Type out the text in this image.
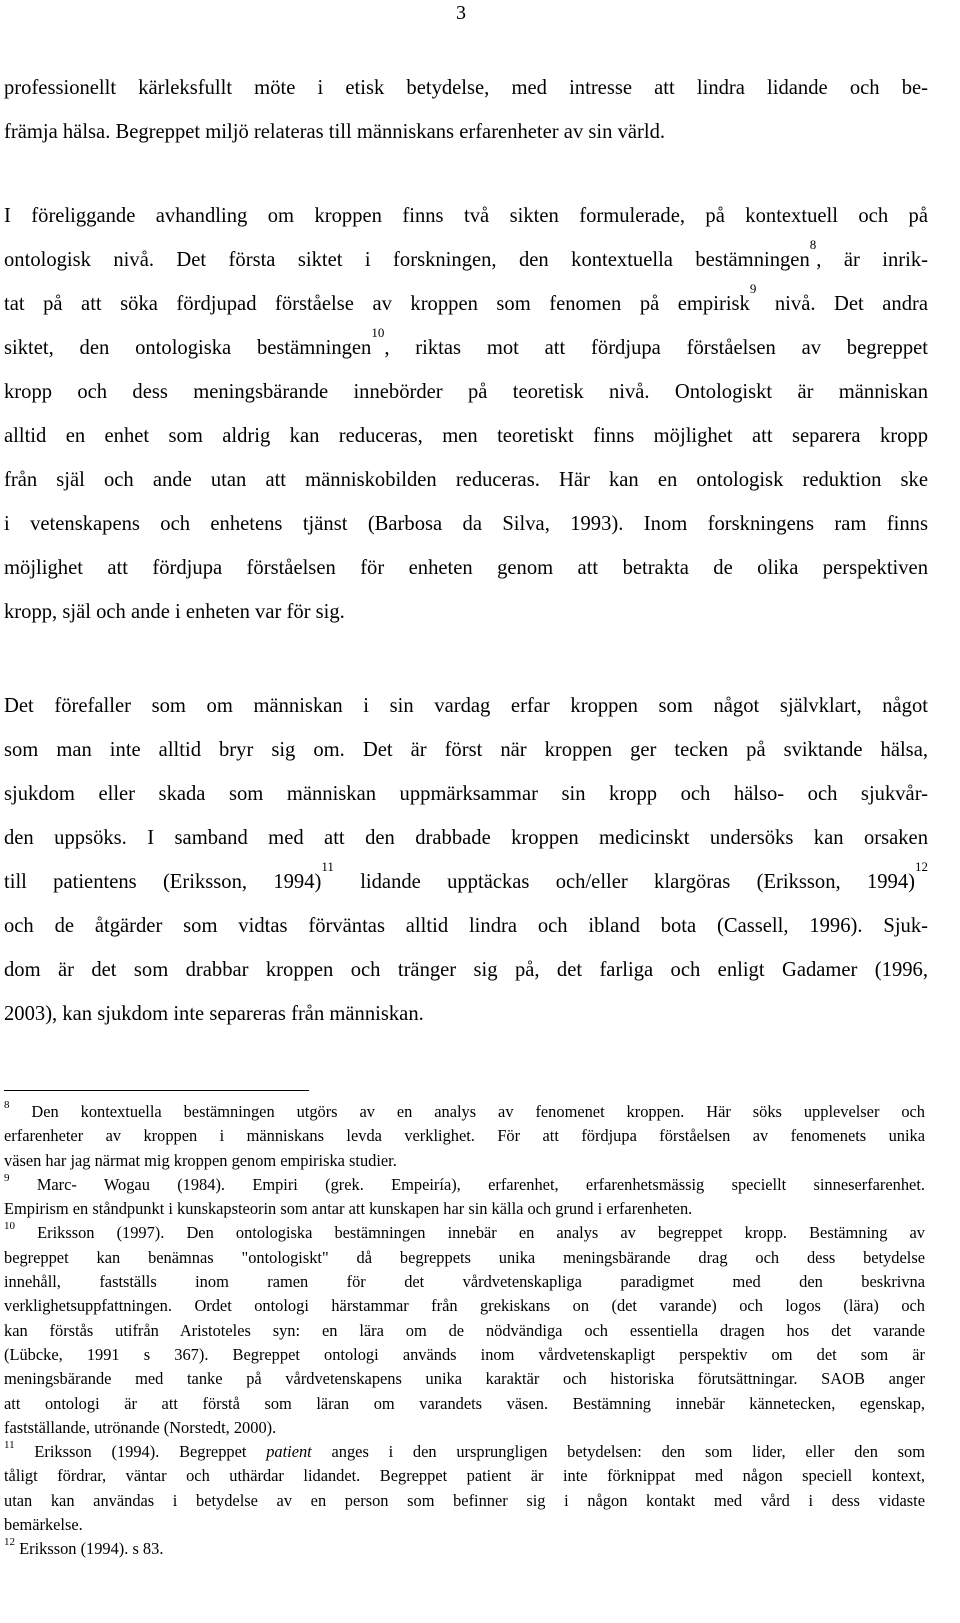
3
professionellt kärleksfullt möte i etisk betydelse, med intresse att lindra lidande och be-
främja hälsa. Begreppet miljö relateras till människans erfarenheter av sin värld.
I föreliggande avhandling om kroppen finns två sikten formulerade, på kontextuell och på
ontologisk nivå. Det första siktet i forskningen, den kontextuella bestämningen$^8$, är inrik-
tat på att söka fördjupad förståelse av kroppen som fenomen på empirisk$^9$ nivå. Det andra
siktet, den ontologiska bestämningen$^{10}$, riktas mot att fördjupa förståelsen av begreppet
kropp och dess meningsbärande innebörder på teoretisk nivå. Ontologiskt är människan
alltid en enhet som aldrig kan reduceras, men teoretiskt finns möjlighet att separera kropp
från själ och ande utan att människobilden reduceras. Här kan en ontologisk reduktion ske
i vetenskapens och enhetens tjänst (Barbosa da Silva, 1993). Inom forskningens ram finns
möjlighet att fördjupa förståelsen för enheten genom att betrakta de olika perspektiven
kropp, själ och ande i enheten var för sig.
Det förefaller som om människan i sin vardag erfar kroppen som något självklart, något
som man inte alltid bryr sig om. Det är först när kroppen ger tecken på sviktande hälsa,
sjukdom eller skada som människan uppmärksammar sin kropp och hälso- och sjukvår-
den uppsöks. I samband med att den drabbade kroppen medicinskt undersöks kan orsaken
till patientens (Eriksson, 1994)$^{11}$ lidande upptäckas och/eller klargöras (Eriksson, 1994)$^{12}$
och de åtgärder som vidtas förväntas alltid lindra och ibland bota (Cassell, 1996). Sjuk-
dom är det som drabbar kroppen och tränger sig på, det farliga och enligt Gadamer (1996,
2003), kan sjukdom inte separeras från människan.
$^8$ Den kontextuella bestämningen utgörs av en analys av fenomenet kroppen. Här söks upplevelser och
erfarenheter av kroppen i människans levda verklighet. För att fördjupa förståelsen av fenomenets unika
väsen har jag närmat mig kroppen genom empiriska studier.
$^9$ Marc- Wogau (1984). Empiri (grek. Empeiría), erfarenhet, erfarenhetsmässig speciellt sinneserfarenhet.
Empirism en ståndpunkt i kunskapsteorin som antar att kunskapen har sin källa och grund i erfarenheten.
$^{10}$ Eriksson (1997). Den ontologiska bestämningen innebär en analys av begreppet kropp. Bestämning av
begreppet kan benämnas "ontologiskt" då begreppets unika meningsbärande drag och dess betydelse
innehåll, fastställs inom ramen för det vårdvetenskapliga paradigmet med den beskrivna
verklighetsuppfattningen. Ordet ontologi härstammar från grekiskans on (det varande) och logos (lära) och
kan förstås utifrån Aristoteles syn: en lära om de nödvändiga och essentiella dragen hos det varande
(Lübcke, 1991 s 367). Begreppet ontologi används inom vårdvetenskapligt perspektiv om det som är
meningsbärande med tanke på vårdvetenskapens unika karaktär och historiska förutsättningar. SAOB anger
att ontologi är att förstå som läran om varandets väsen. Bestämning innebär kännetecken, egenskap,
fastställande, utrönande (Norstedt, 2000).
$^{11}$ Eriksson (1994). Begreppet patient anges i den ursprungligen betydelsen: den som lider, eller den som
tåligt fördrar, väntar och uthärdar lidandet. Begreppet patient är inte förknippat med någon speciell kontext,
utan kan användas i betydelse av en person som befinner sig i någon kontakt med vård i dess vidaste
bemärkelse.
$^{12}$ Eriksson (1994). s 83.
